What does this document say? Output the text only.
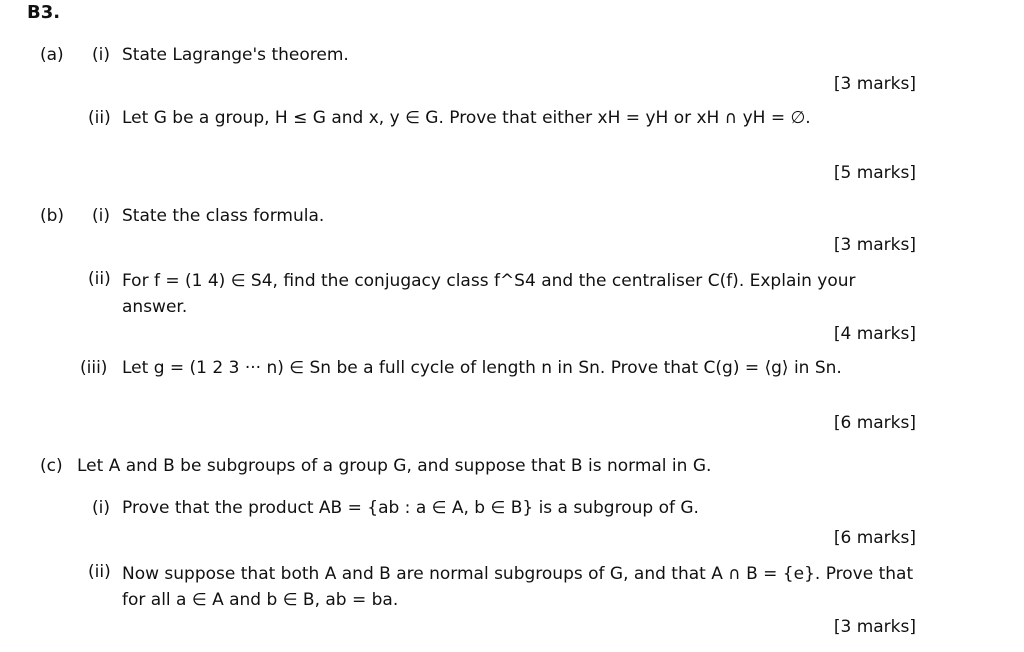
B3.
(a) (i) State Lagrange's theorem.
[3 marks]
(ii) Let G be a group, H ≤ G and x, y ∈ G. Prove that either xH = yH or xH ∩ yH = ∅.
[5 marks]
(b) (i) State the class formula.
[3 marks]
(ii) For f = (1 4) ∈ S4, find the conjugacy class f^S4 and the centraliser C(f). Explain your answer.
[4 marks]
(iii) Let g = (1 2 3 ··· n) ∈ Sn be a full cycle of length n in Sn. Prove that C(g) = ⟨g⟩ in Sn.
[6 marks]
(c) Let A and B be subgroups of a group G, and suppose that B is normal in G.
(i) Prove that the product AB = {ab : a ∈ A, b ∈ B} is a subgroup of G.
[6 marks]
(ii) Now suppose that both A and B are normal subgroups of G, and that A ∩ B = {e}. Prove that for all a ∈ A and b ∈ B, ab = ba.
[3 marks]
